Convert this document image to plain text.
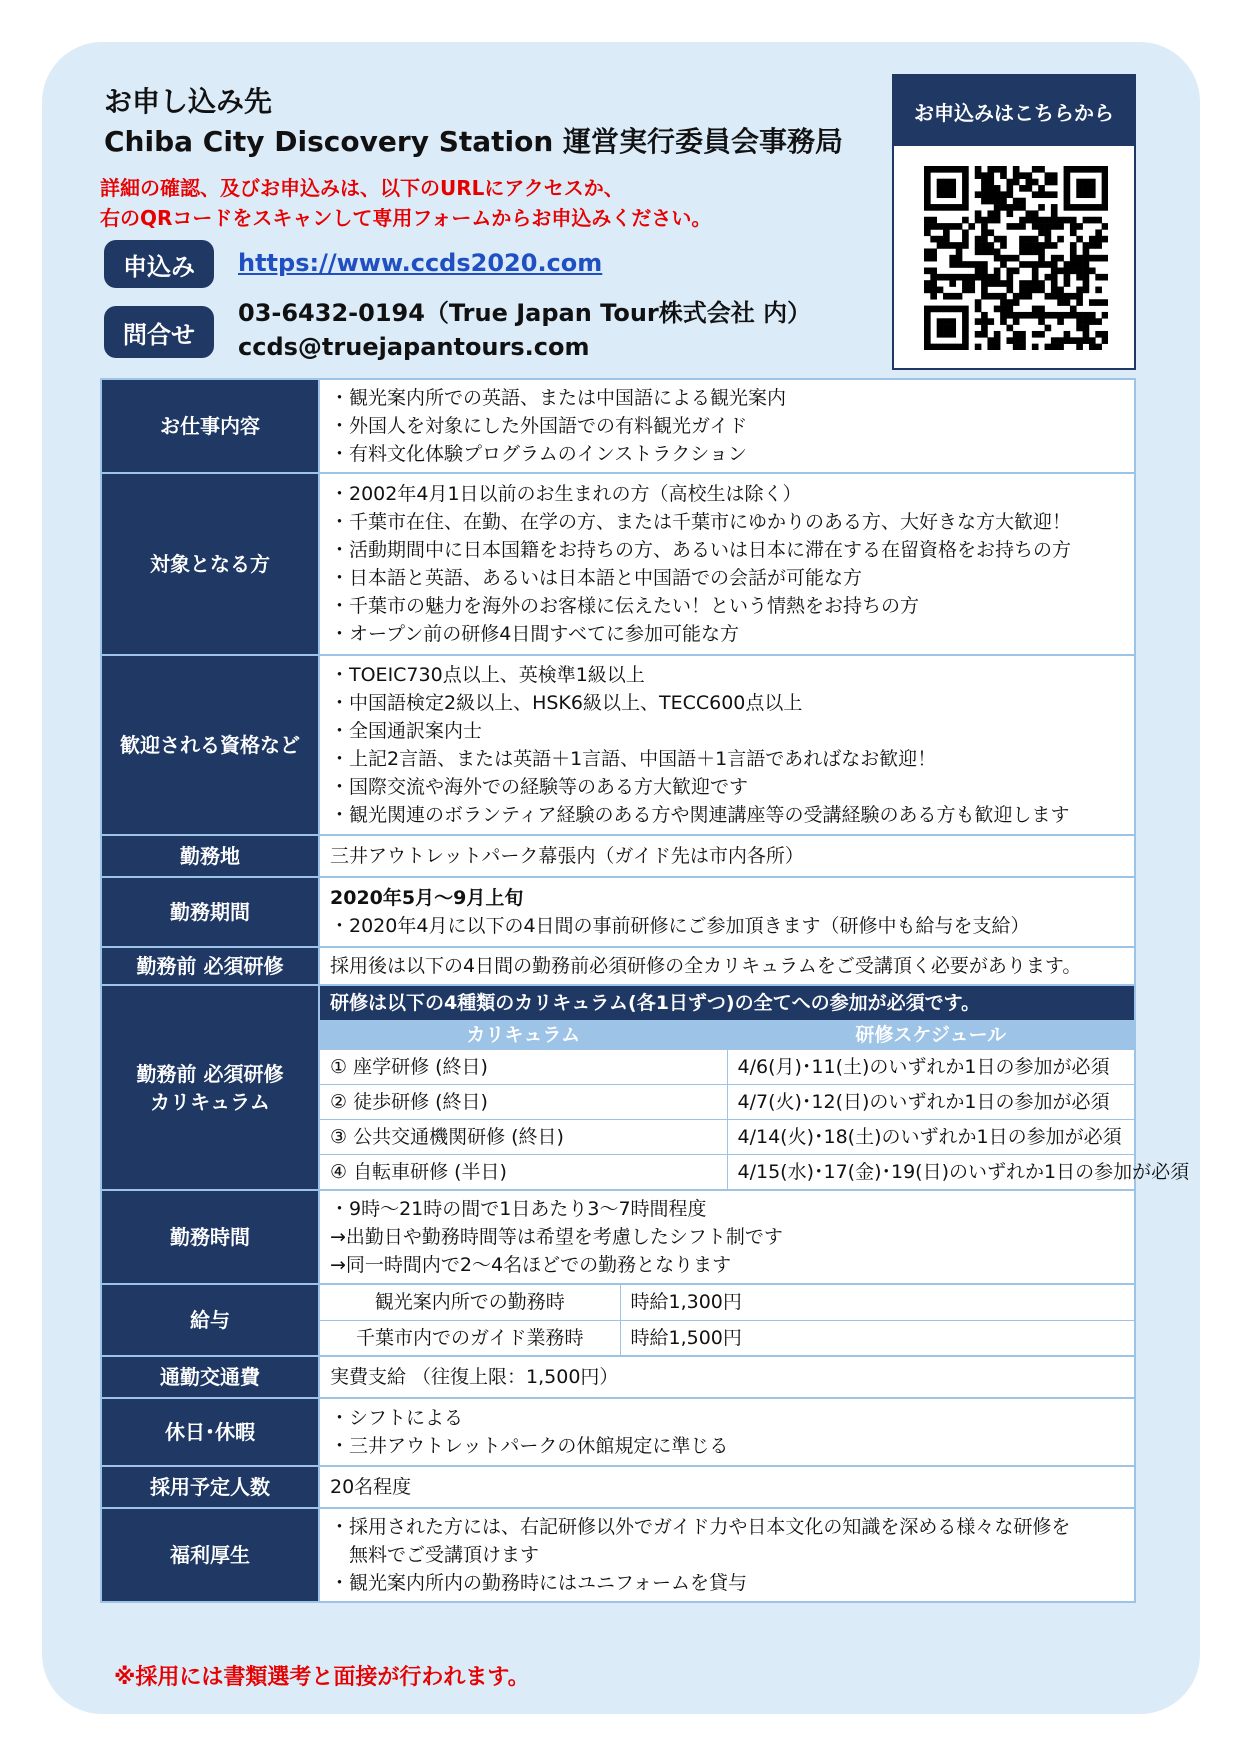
お申し込み先
Chiba City Discovery Station 運営実行委員会事務局
詳細の確認、及びお申込みは、以下のURLにアクセスか、
右のQRコードをスキャンして専用フォームからお申込みください。
申込み	https://www.ccds2020.com
問合せ
03-6432-0194（True Japan Tour株式会社 内）
ccds@truejapantours.com
お申込みはこちらから
お仕事内容	
・観光案内所での英語、または中国語による観光案内
・外国人を対象にした外国語での有料観光ガイド
・有料文化体験プログラムのインストラクション

対象となる方	
・2002年4月1日以前のお生まれの方（高校生は除く）
・千葉市在住、在勤、在学の方、または千葉市にゆかりのある方、大好きな方大歓迎！
・活動期間中に日本国籍をお持ちの方、あるいは日本に滞在する在留資格をお持ちの方
・日本語と英語、あるいは日本語と中国語での会話が可能な方
・千葉市の魅力を海外のお客様に伝えたい！という情熱をお持ちの方
・オープン前の研修4日間すべてに参加可能な方

歓迎される資格など	
・TOEIC730点以上、英検準1級以上
・中国語検定2級以上、HSK6級以上、TECC600点以上
・全国通訳案内士
・上記2言語、または英語＋1言語、中国語＋1言語であればなお歓迎！
・国際交流や海外での経験等のある方大歓迎です
・観光関連のボランティア経験のある方や関連講座等の受講経験のある方も歓迎します

勤務地	三井アウトレットパーク幕張内（ガイド先は市内各所）

勤務期間	
2020年5月～9月上旬
・2020年4月に以下の4日間の事前研修にご参加頂きます（研修中も給与を支給）

勤務前 必須研修	採用後は以下の4日間の勤務前必須研修の全カリキュラムをご受講頂く必要があります。

勤務前 必須研修
カリキュラム

研修は以下の4種類のカリキュラム(各1日ずつ)の全てへの参加が必須です。
カリキュラム	研修スケジュール
① 座学研修 (終日)	4/6(月)･11(土)のいずれか1日の参加が必須
② 徒歩研修 (終日)	4/7(火)･12(日)のいずれか1日の参加が必須
③ 公共交通機関研修 (終日)	4/14(火)･18(土)のいずれか1日の参加が必須
④ 自転車研修 (半日)	4/15(水)･17(金)･19(日)のいずれか1日の参加が必須

勤務時間	
・9時～21時の間で1日あたり3～7時間程度
→出勤日や勤務時間等は希望を考慮したシフト制です
→同一時間内で2～4名ほどでの勤務となります

給与	
観光案内所での勤務時	時給1,300円
千葉市内でのガイド業務時	時給1,500円

通勤交通費	実費支給 （往復上限：1,500円）

休日･休暇	
・シフトによる
・三井アウトレットパークの休館規定に準じる

採用予定人数	20名程度

福利厚生	
・採用された方には、右記研修以外でガイド力や日本文化の知識を深める様々な研修を
　無料でご受講頂けます
・観光案内所内の勤務時にはユニフォームを貸与
※採用には書類選考と面接が行われます。
